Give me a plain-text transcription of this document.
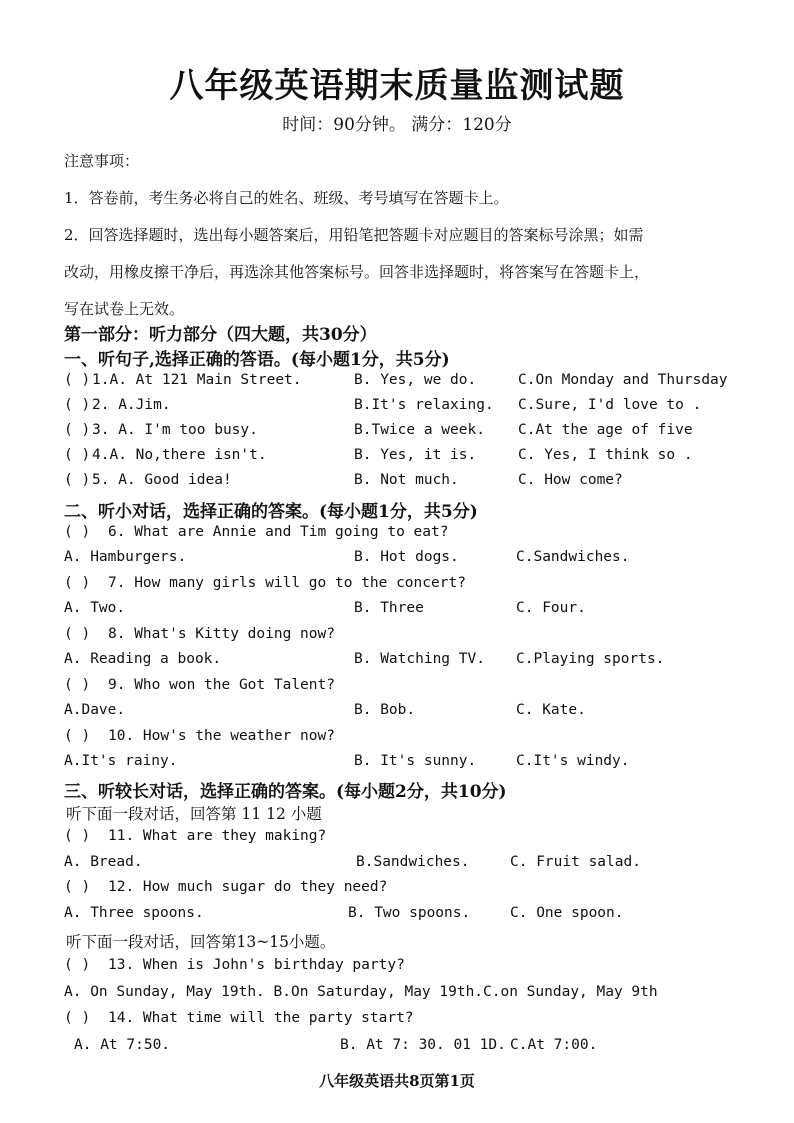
八年级英语期末质量监测试题
时间：90分钟。 满分：120分
注意事项：
1．答卷前，考生务必将自己的姓名、班级、考号填写在答题卡上。
2．回答选择题时，选出每小题答案后，用铅笔把答题卡对应题目的答案标号涂黑；如需
改动，用橡皮擦干净后，再选涂其他答案标号。回答非选择题时，将答案写在答题卡上，
写在试卷上无效。
第一部分：听力部分（四大题，共30分）
一、听句子,选择正确的答语。(每小题1分，共5分)
( ) 1.A. At 121 Main Street.	B. Yes, we do.	C.On Monday and Thursday
( ) 2. A.Jim.	B.It's relaxing. C.Sure, I'd love to .
( ) 3. A. I'm too busy.	B.Twice a week. C.At the age of five
( ) 4.A. No,there isn't.	B. Yes, it is.	C. Yes, I think so .
( ) 5. A. Good idea!	B. Not much.	C. How come?
二、听小对话，选择正确的答案。(每小题1分，共5分)
( ) 6. What are Annie and Tim going to eat?
A. Hamburgers.	B. Hot dogs.	C.Sandwiches.
( ) 7. How many girls will go to the concert?
A. Two.	B. Three	C. Four.
( ) 8. What's Kitty doing now?
A. Reading a book.	B. Watching TV. C.Playing sports.
( ) 9. Who won the Got Talent?
A.Dave.	B. Bob.	C. Kate.
( ) 10. How's the weather now?
A.It's rainy.	B. It's sunny.	C.It's windy.
三、听较长对话，选择正确的答案。(每小题2分，共10分)
听下面一段对话，回答第 11 12 小题
( ) 11. What are they making?
A. Bread.	B.Sandwiches.	C. Fruit salad.
( ) 12. How much sugar do they need?
A. Three spoons.	B. Two spoons.	C. One spoon.
听下面一段对话，回答第13~15小题。
( ) 13. When is John's birthday party?
A. On Sunday, May 19th. B.On Saturday, May 19th.C.on Sunday, May 9th
( ) 14. What time will the party start?
A. At 7:50.	B. At 7: 30. 01 1D. C.At 7:00.
八年级英语共8页第1页
